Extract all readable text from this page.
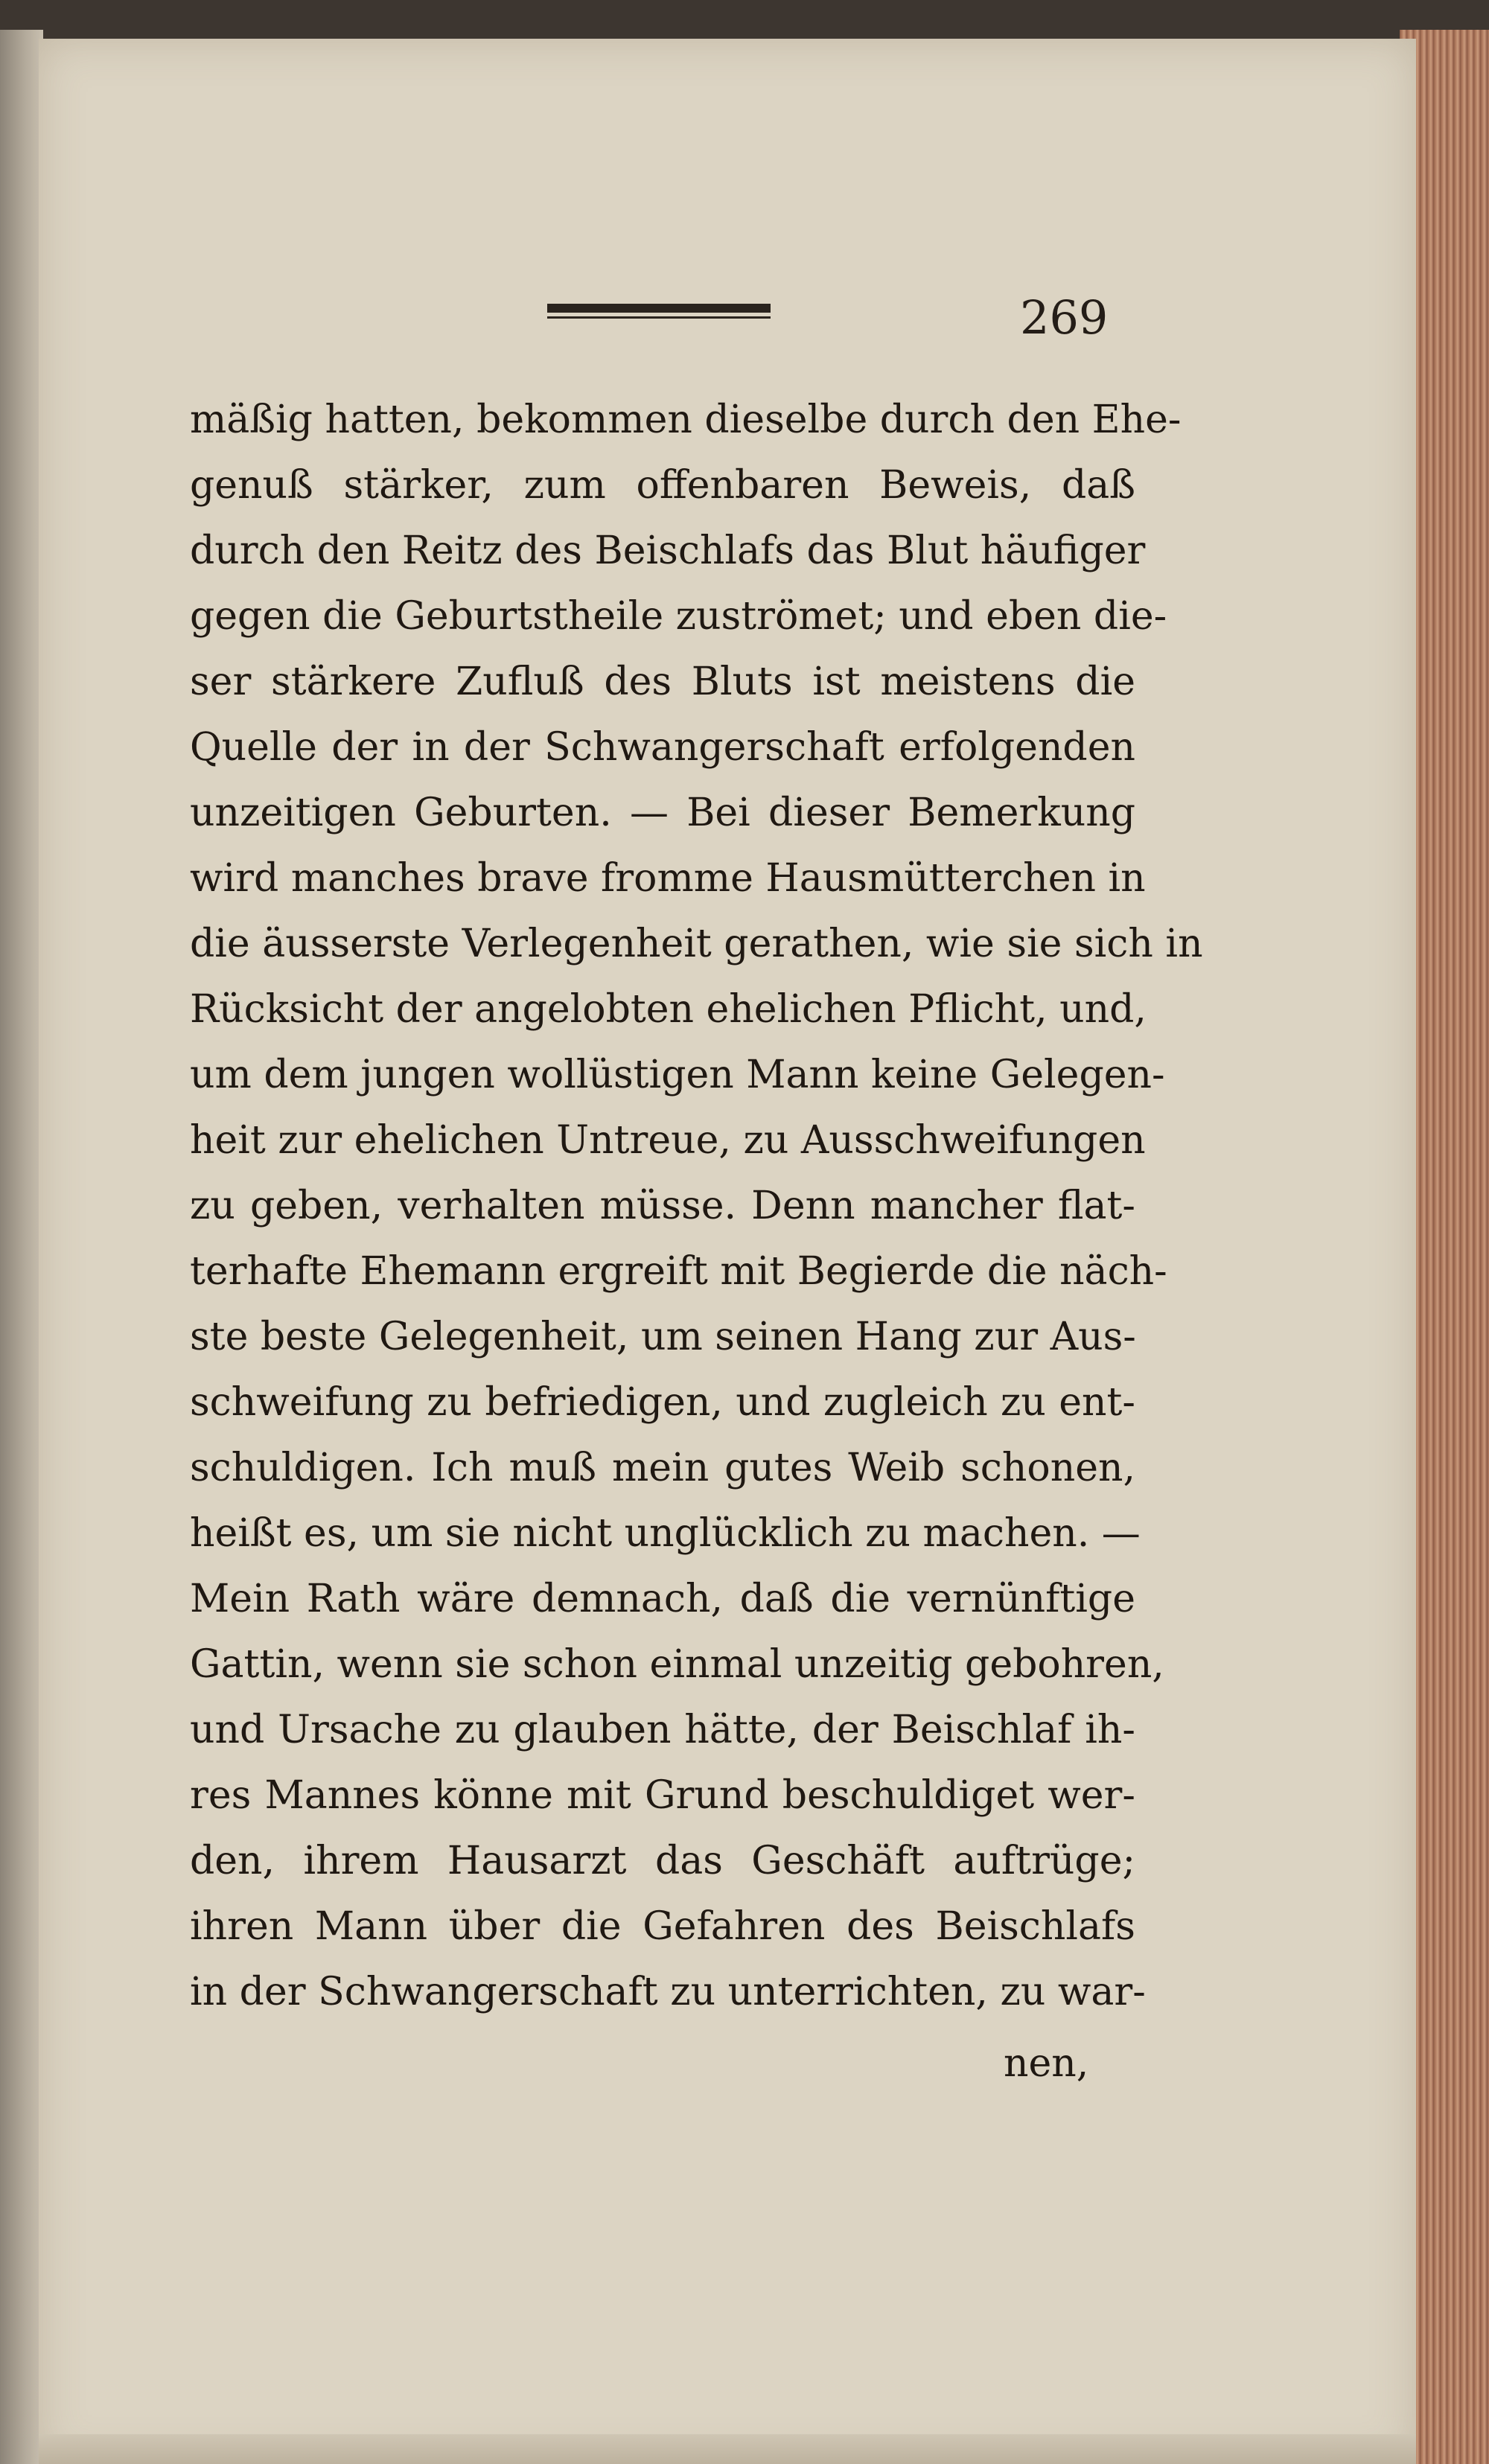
269
mäßig hatten, bekommen dieselbe durch den Ehe-
genuß stärker, zum offenbaren Beweis, daß
durch den Reitz des Beischlafs das Blut häufiger
gegen die Geburtstheile zuströmet; und eben die-
ser stärkere Zufluß des Bluts ist meistens die
Quelle der in der Schwangerschaft erfolgenden
unzeitigen Geburten. — Bei dieser Bemerkung
wird manches brave fromme Hausmütterchen in
die äusserste Verlegenheit gerathen, wie sie sich in
Rücksicht der angelobten ehelichen Pflicht, und,
um dem jungen wollüstigen Mann keine Gelegen-
heit zur ehelichen Untreue, zu Ausschweifungen
zu geben, verhalten müsse. Denn mancher flat-
terhafte Ehemann ergreift mit Begierde die näch-
ste beste Gelegenheit, um seinen Hang zur Aus-
schweifung zu befriedigen, und zugleich zu ent-
schuldigen. Ich muß mein gutes Weib schonen,
heißt es, um sie nicht unglücklich zu machen. —
Mein Rath wäre demnach, daß die vernünftige
Gattin, wenn sie schon einmal unzeitig gebohren,
und Ursache zu glauben hätte, der Beischlaf ih-
res Mannes könne mit Grund beschuldiget wer-
den, ihrem Hausarzt das Geschäft auftrüge;
ihren Mann über die Gefahren des Beischlafs
in der Schwangerschaft zu unterrichten, zu war-
nen,
